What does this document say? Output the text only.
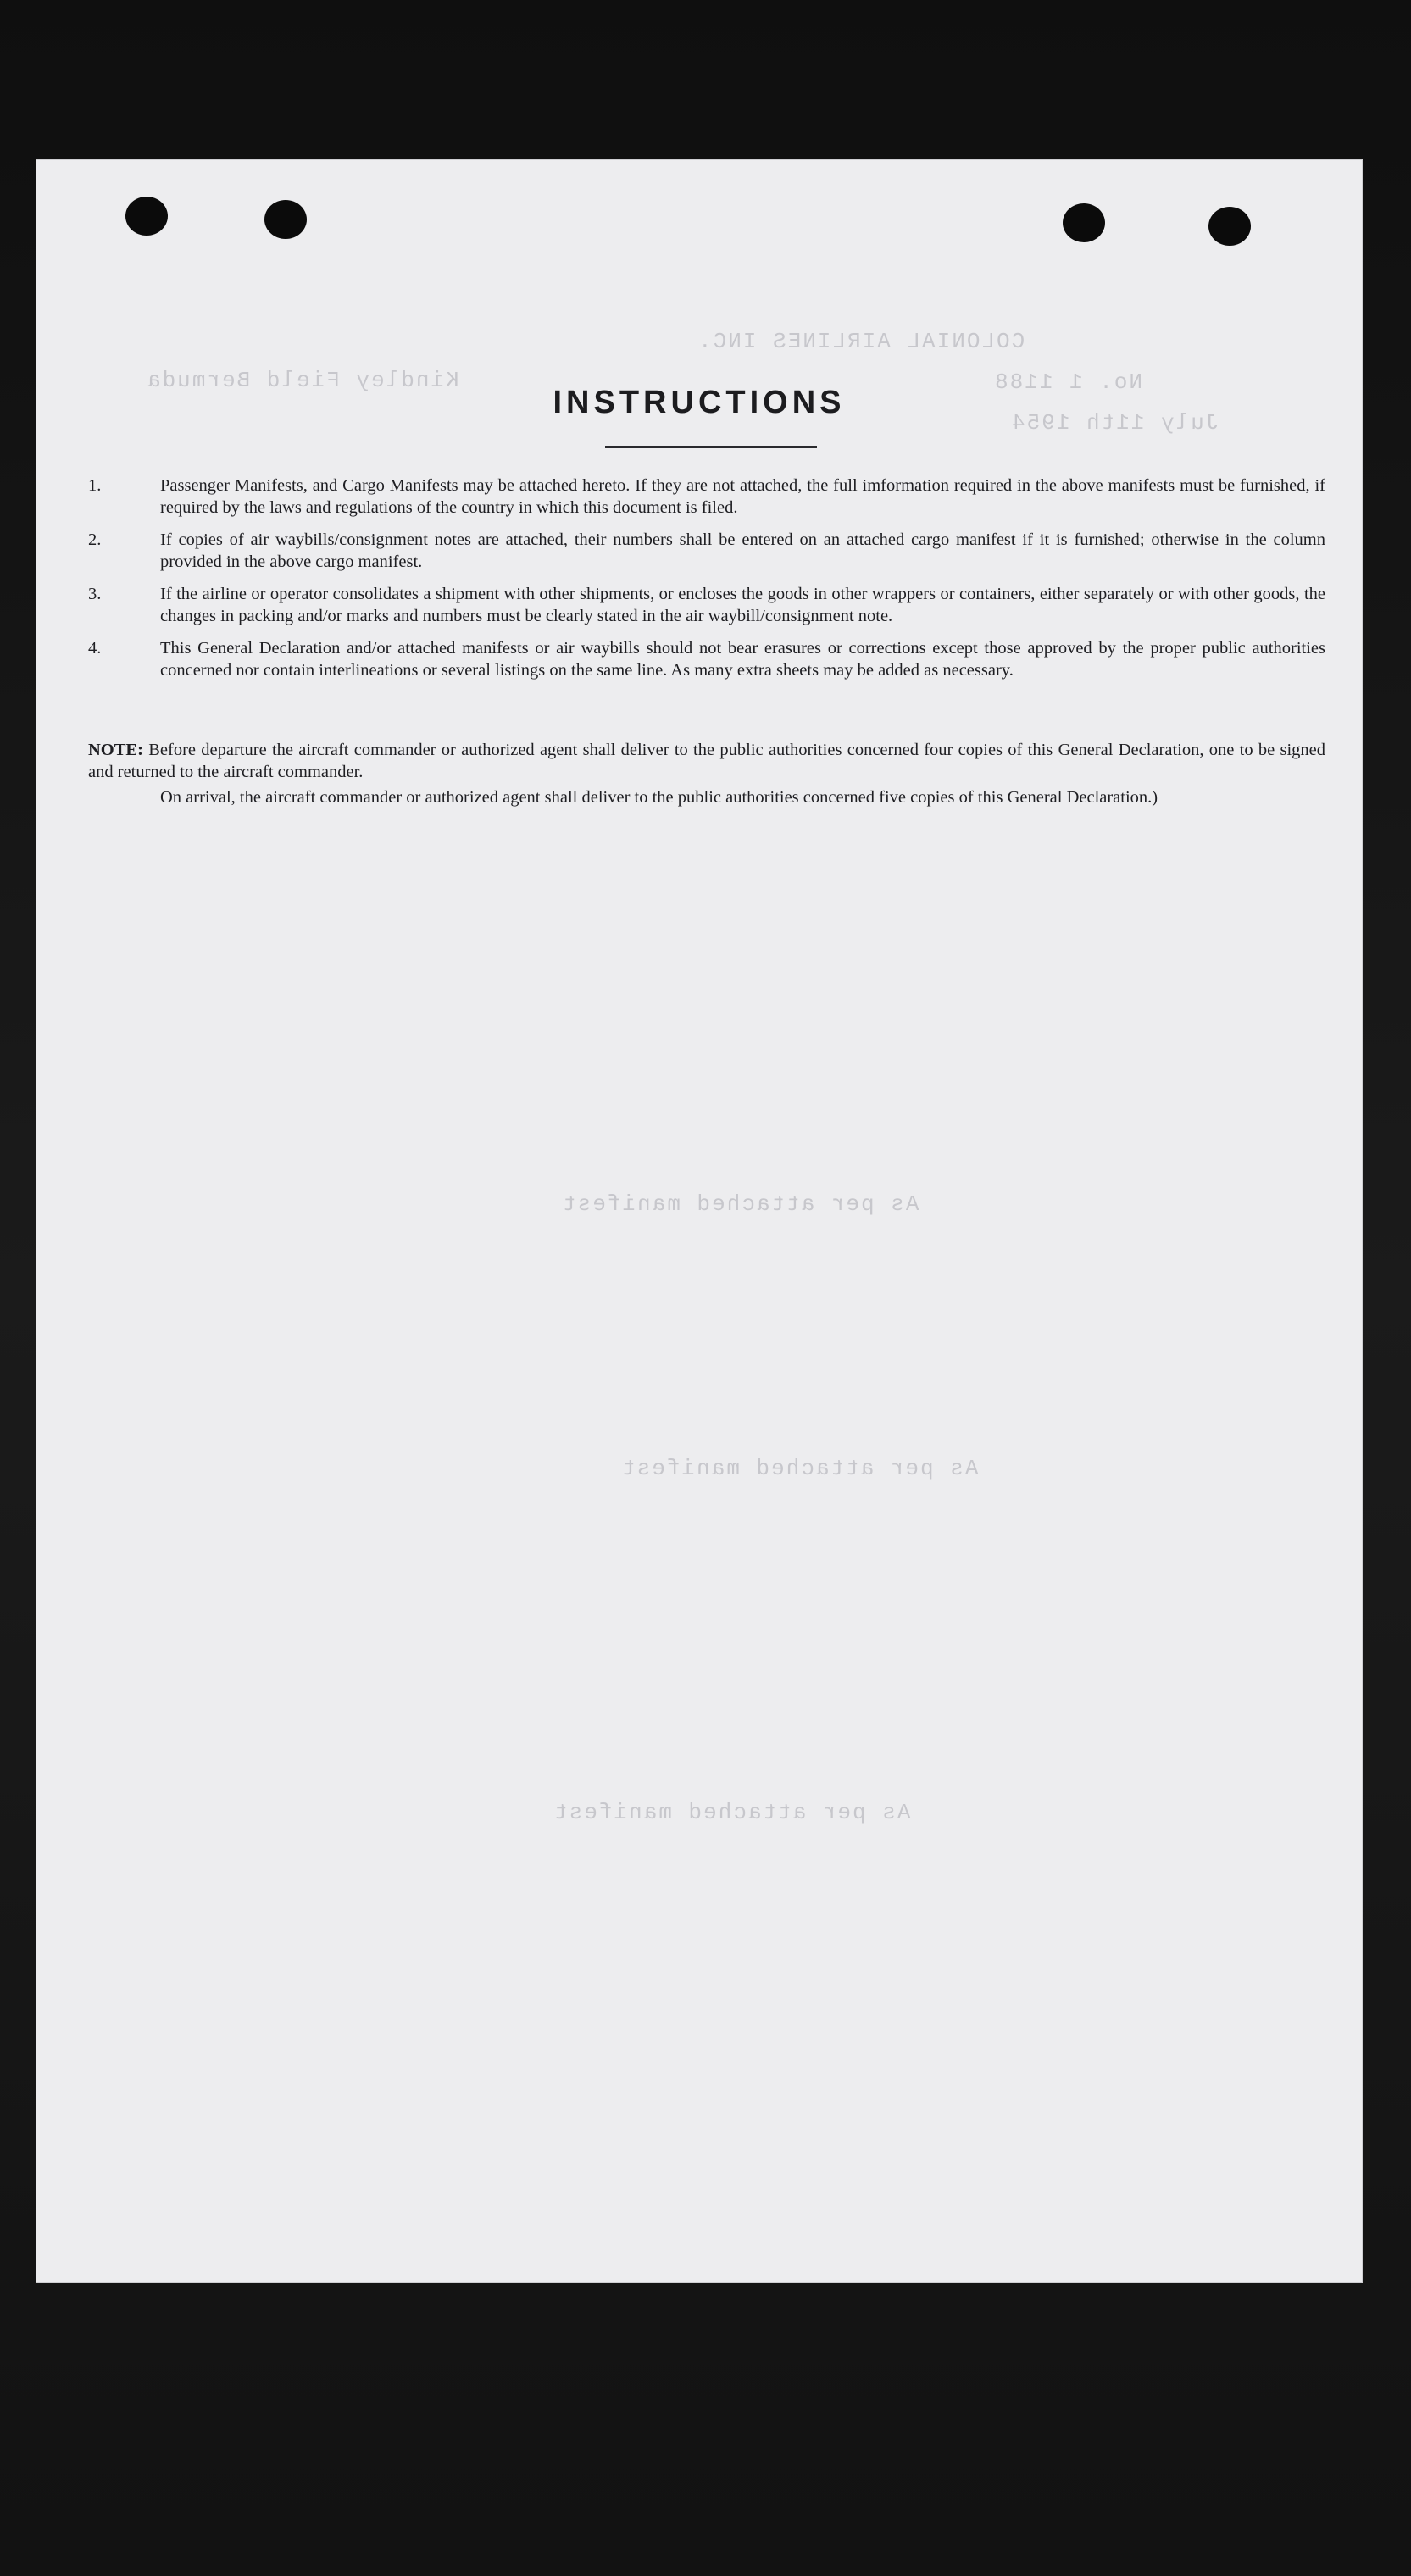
COLONIAL AIRLINES INC.
Kindley Field Bermuda	No. 1 1188
July 11th 1954
As per attached manifest
As per attached manifest
As per attached manifest
INSTRUCTIONS
1.	Passenger Manifests, and Cargo Manifests may be attached hereto. If they are not attached, the full imformation required in the above manifests must be furnished, if required by the laws and regulations of the country in which this document is filed.
2.	If copies of air waybills/consignment notes are attached, their numbers shall be entered on an attached cargo manifest if it is furnished; otherwise in the column provided in the above cargo manifest.
3.	If the airline or operator consolidates a shipment with other shipments, or encloses the goods in other wrappers or containers, either separately or with other goods, the changes in packing and/or marks and numbers must be clearly stated in the air waybill/consignment note.
4.	This General Declaration and/or attached manifests or air waybills should not bear erasures or corrections except those approved by the proper public authorities concerned nor contain interlineations or several listings on the same line. As many extra sheets may be added as necessary.

NOTE: Before departure the aircraft commander or authorized agent shall deliver to the public authorities concerned four copies of this General Declaration, one to be signed and returned to the aircraft commander.

On arrival, the aircraft commander or authorized agent shall deliver to the public authorities concerned five copies of this General Declaration.)
